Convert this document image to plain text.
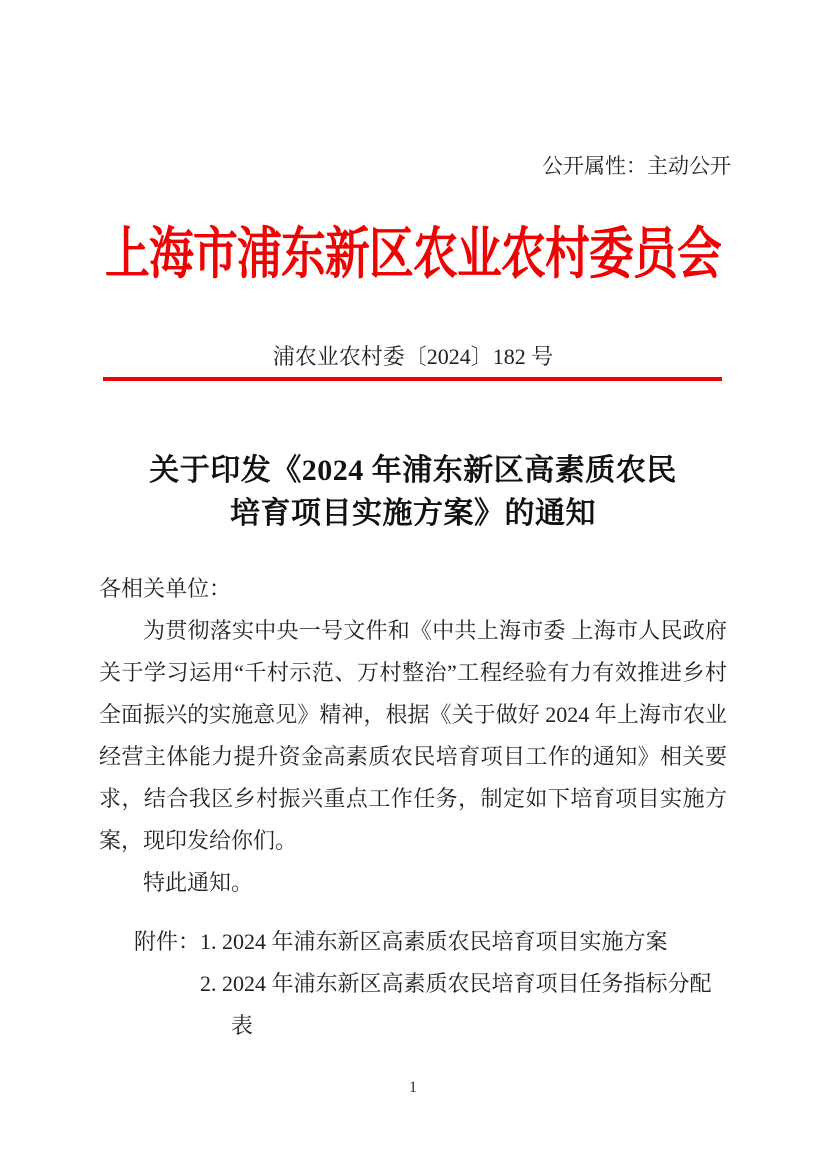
公开属性：主动公开
上海市浦东新区农业农村委员会
浦农业农村委〔2024〕182 号
关于印发《2024 年浦东新区高素质农民
培育项目实施方案》的通知
各相关单位：

为贯彻落实中央一号文件和《中共上海市委 上海市人民政府关于学习运用“千村示范、万村整治”工程经验有力有效推进乡村全面振兴的实施意见》精神，根据《关于做好 2024 年上海市农业经营主体能力提升资金高素质农民培育项目工作的通知》相关要求，结合我区乡村振兴重点工作任务，制定如下培育项目实施方案，现印发给你们。

特此通知。

附件： 1. 2024 年浦东新区高素质农民培育项目实施方案
2. 2024 年浦东新区高素质农民培育项目任务指标分配表
1
